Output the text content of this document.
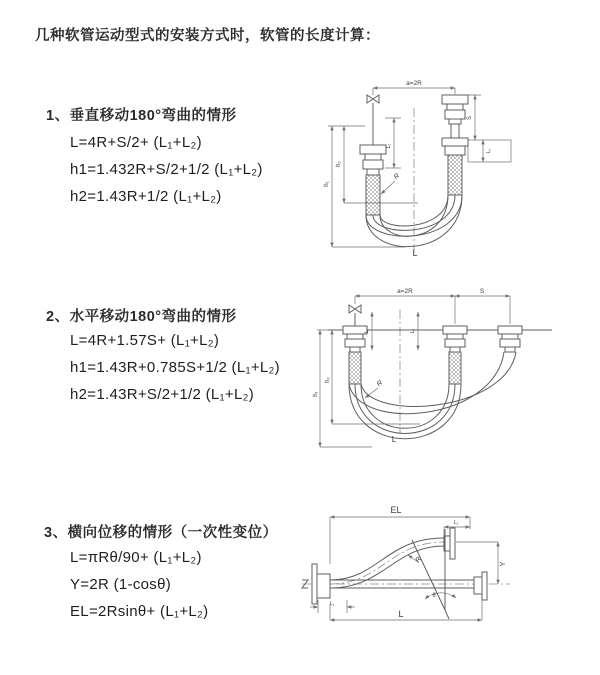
几种软管运动型式的安装方式时，软管的长度计算：
1、垂直移动180°弯曲的情形
L=4R+S/2+ (L₁+L₂)
h1=1.432R+S/2+1/2 (L₁+L₂)
h2=1.43R+1/2 (L₁+L₂)
a=2R
L₁
h₁
h₂
S
L₂
R
L
2、水平移动180°弯曲的情形
L=4R+1.57S+ (L₁+L₂)
h1=1.43R+0.785S+1/2 (L₁+L₂)
h2=1.43R+S/2+1/2 (L₁+L₂)
a=2R	S
L₁	L₂
h₁
h₂	R
L
3、横向位移的情形（一次性变位）
L=πRθ/90+ (L₁+L₂)
Y=2R (1-cosθ)
EL=2Rsinθ+ (L₁+L₂)
EL
L₂
Y
R
θ
L
L₁
